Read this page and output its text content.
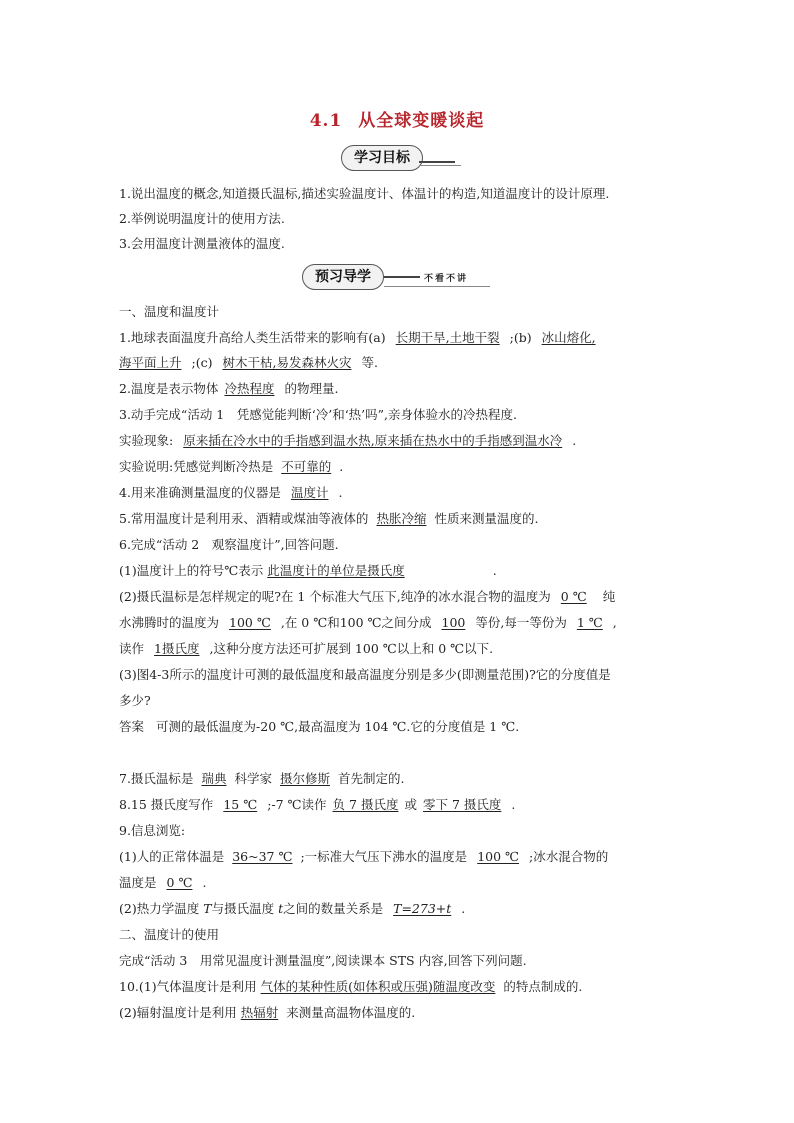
4.1 从全球变暖谈起
学习目标
1.说出温度的概念,知道摄氏温标,描述实验温度计、体温计的构造,知道温度计的设计原理.
2.举例说明温度计的使用方法.
3.会用温度计测量液体的温度.
预习导学	不看不讲
一、温度和温度计
1.地球表面温度升高给人类生活带来的影响有(a) 长期干旱,土地干裂 ;(b) 冰山熔化,
海平面上升 ;(c) 树木干枯,易发森林火灾 等.
2.温度是表示物体 冷热程度 的物理量.
3.动手完成“活动 1　凭感觉能判断‘冷’和‘热’吗”,亲身体验水的冷热程度.
实验现象: 原来插在冷水中的手指感到温水热,原来插在热水中的手指感到温水冷 .
实验说明:凭感觉判断冷热是 不可靠的 .
4.用来准确测量温度的仪器是 温度计 .
5.常用温度计是利用汞、酒精或煤油等液体的 热胀冷缩 性质来测量温度的.
6.完成“活动 2　观察温度计”,回答问题.
(1)温度计上的符号℃表示 此温度计的单位是摄氏度	.
(2)摄氏温标是怎样规定的呢?在 1 个标准大气压下,纯净的冰水混合物的温度为 0 ℃ 纯
水沸腾时的温度为 100 ℃ ,在 0 ℃和100 ℃之间分成 100 等份,每一等份为 1 ℃ ,
读作 1摄氏度 ,这种分度方法还可扩展到 100 ℃以上和 0 ℃以下.
(3)图4-3所示的温度计可测的最低温度和最高温度分别是多少(即测量范围)?它的分度值是
多少?
答案 可测的最低温度为-20 ℃,最高温度为 104 ℃.它的分度值是 1 ℃.
7.摄氏温标是 瑞典 科学家 摄尔修斯 首先制定的.
8.15 摄氏度写作 15 ℃ ;-7 ℃读作 负 7 摄氏度 或 零下 7 摄氏度 .
9.信息浏览:
(1)人的正常体温是 36~37 ℃ ;一标准大气压下沸水的温度是 100 ℃ ;冰水混合物的
温度是 0 ℃ .
(2)热力学温度 T与摄氏温度 t之间的数量关系是 T=273+t .
二、温度计的使用
完成“活动 3　用常见温度计测量温度”,阅读课本 STS 内容,回答下列问题.
10.(1)气体温度计是利用 气体的某种性质(如体积或压强)随温度改变 的特点制成的.
(2)辐射温度计是利用 热辐射 来测量高温物体温度的.
